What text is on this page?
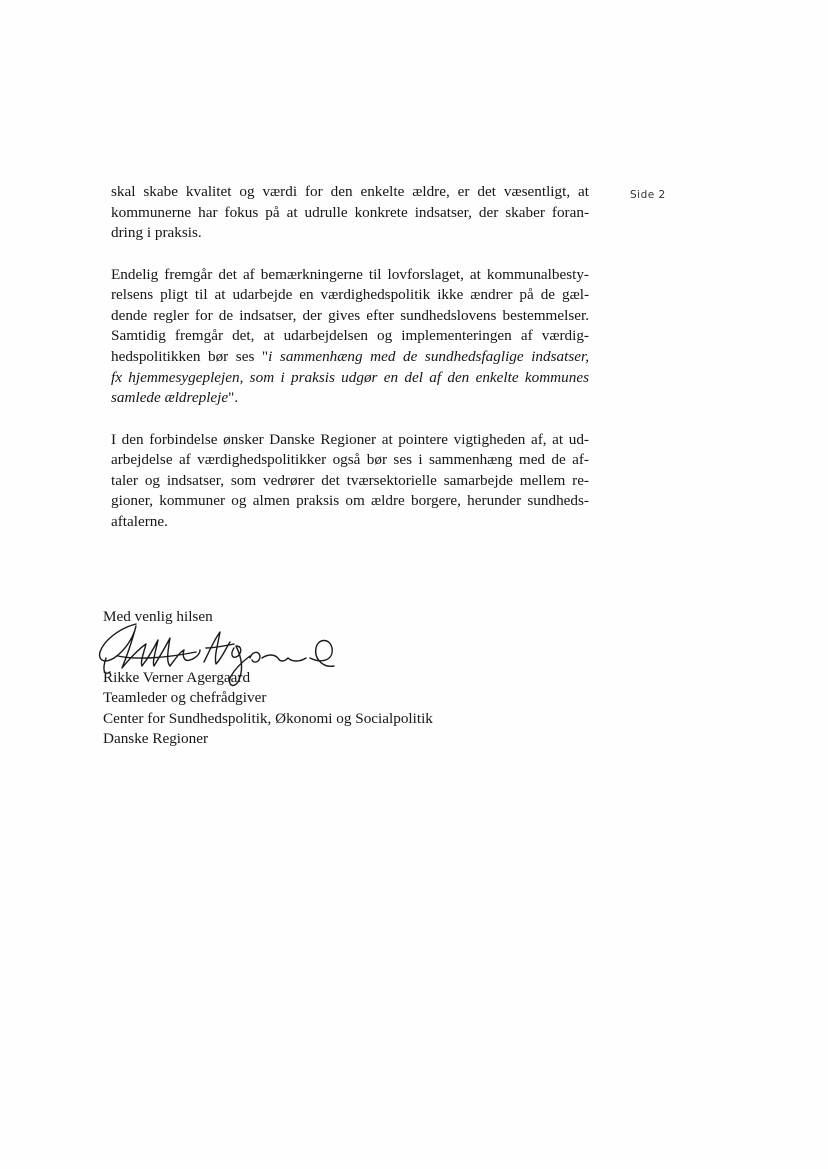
Side 2

skal skabe kvalitet og værdi for den enkelte ældre, er det væsentligt, at
kommunerne har fokus på at udrulle konkrete indsatser, der skaber foran-
dring i praksis.

Endelig fremgår det af bemærkningerne til lovforslaget, at kommunalbesty-
relsens pligt til at udarbejde en værdighedspolitik ikke ændrer på de gæl-
dende regler for de indsatser, der gives efter sundhedslovens bestemmelser.
Samtidig fremgår det, at udarbejdelsen og implementeringen af værdig-
hedspolitikken bør ses "i sammenhæng med de sundhedsfaglige indsatser,
fx hjemmesygeplejen, som i praksis udgør en del af den enkelte kommunes
samlede ældrepleje".

I den forbindelse ønsker Danske Regioner at pointere vigtigheden af, at ud-
arbejdelse af værdighedspolitikker også bør ses i sammenhæng med de af-
taler og indsatser, som vedrører det tværsektorielle samarbejde mellem re-
gioner, kommuner og almen praksis om ældre borgere, herunder sundheds-
aftalerne.

Med venlig hilsen
Rikke Verner Agergaard
Teamleder og chefrådgiver
Center for Sundhedspolitik, Økonomi og Socialpolitik
Danske Regioner
